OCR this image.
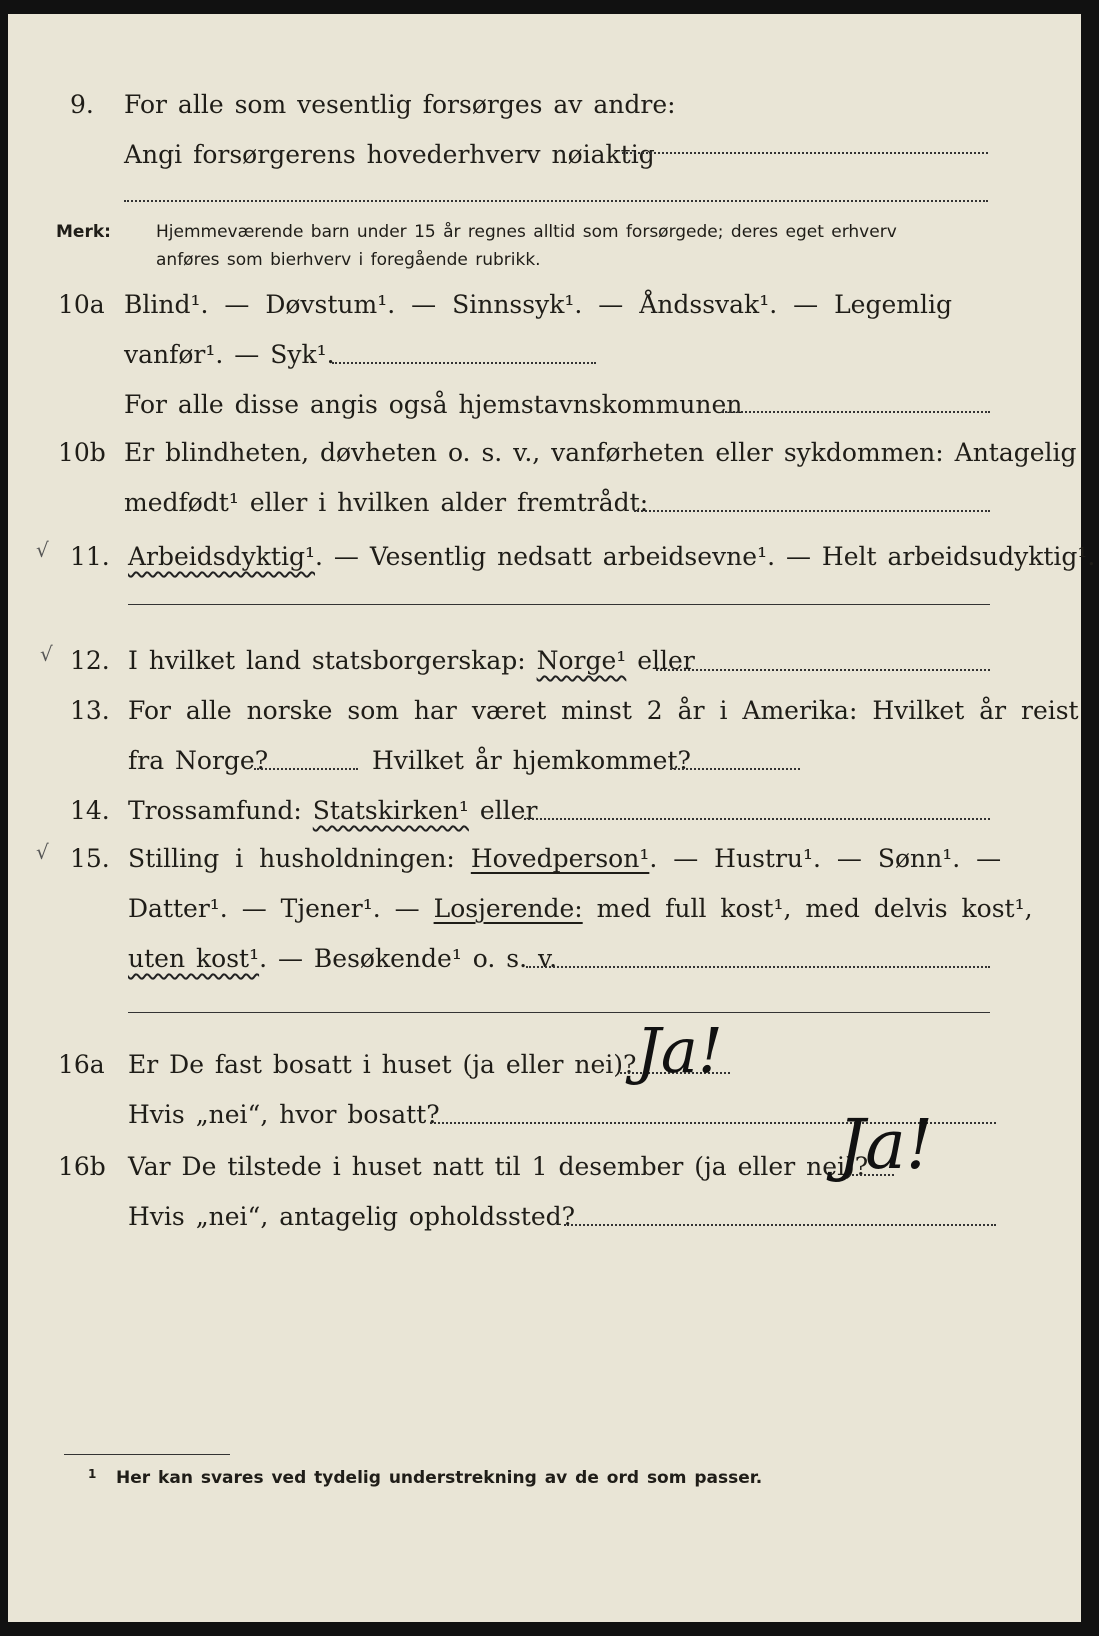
9. For alle som vesentlig forsørges av andre:
Angi forsørgerens hovederhverv nøiaktig
Merk:	Hjemmeværende barn under 15 år regnes alltid som forsørgede; deres eget erhverv
anføres som bierhverv i foregående rubrikk.
10a Blind¹. — Døvstum¹. — Sinnssyk¹. — Åndssvak¹. — Legemlig
vanfør¹. — Syk¹.
For alle disse angis også hjemstavnskommunen
10b Er blindheten, døvheten o. s. v., vanførheten eller sykdommen: Antagelig
medfødt¹ eller i hvilken alder fremtrådt:
√ 11. Arbeidsdyktig¹. — Vesentlig nedsatt arbeidsevne¹. — Helt arbeidsudyktig¹.
√ 12. I hvilket land statsborgerskap: Norge¹ eller
13. For alle norske som har været minst 2 år i Amerika: Hvilket år reist
fra Norge?	Hvilket år hjemkommet?
14. Trossamfund: Statskirken¹ eller
√ 15. Stilling i husholdningen: Hovedperson¹. — Hustru¹. — Sønn¹. —
Datter¹. — Tjener¹. — Losjerende: med full kost¹, med delvis kost¹,
uten kost¹. — Besøkende¹ o. s. v.
16a Er De fast bosatt i huset (ja eller nei)? Ja!
Hvis „nei“, hvor bosatt?
16b Var De tilstede i huset natt til 1 desember (ja eller nei)?
Ja!
Hvis „nei“, antagelig opholdssted?
1 Her kan svares ved tydelig understrekning av de ord som passer.
